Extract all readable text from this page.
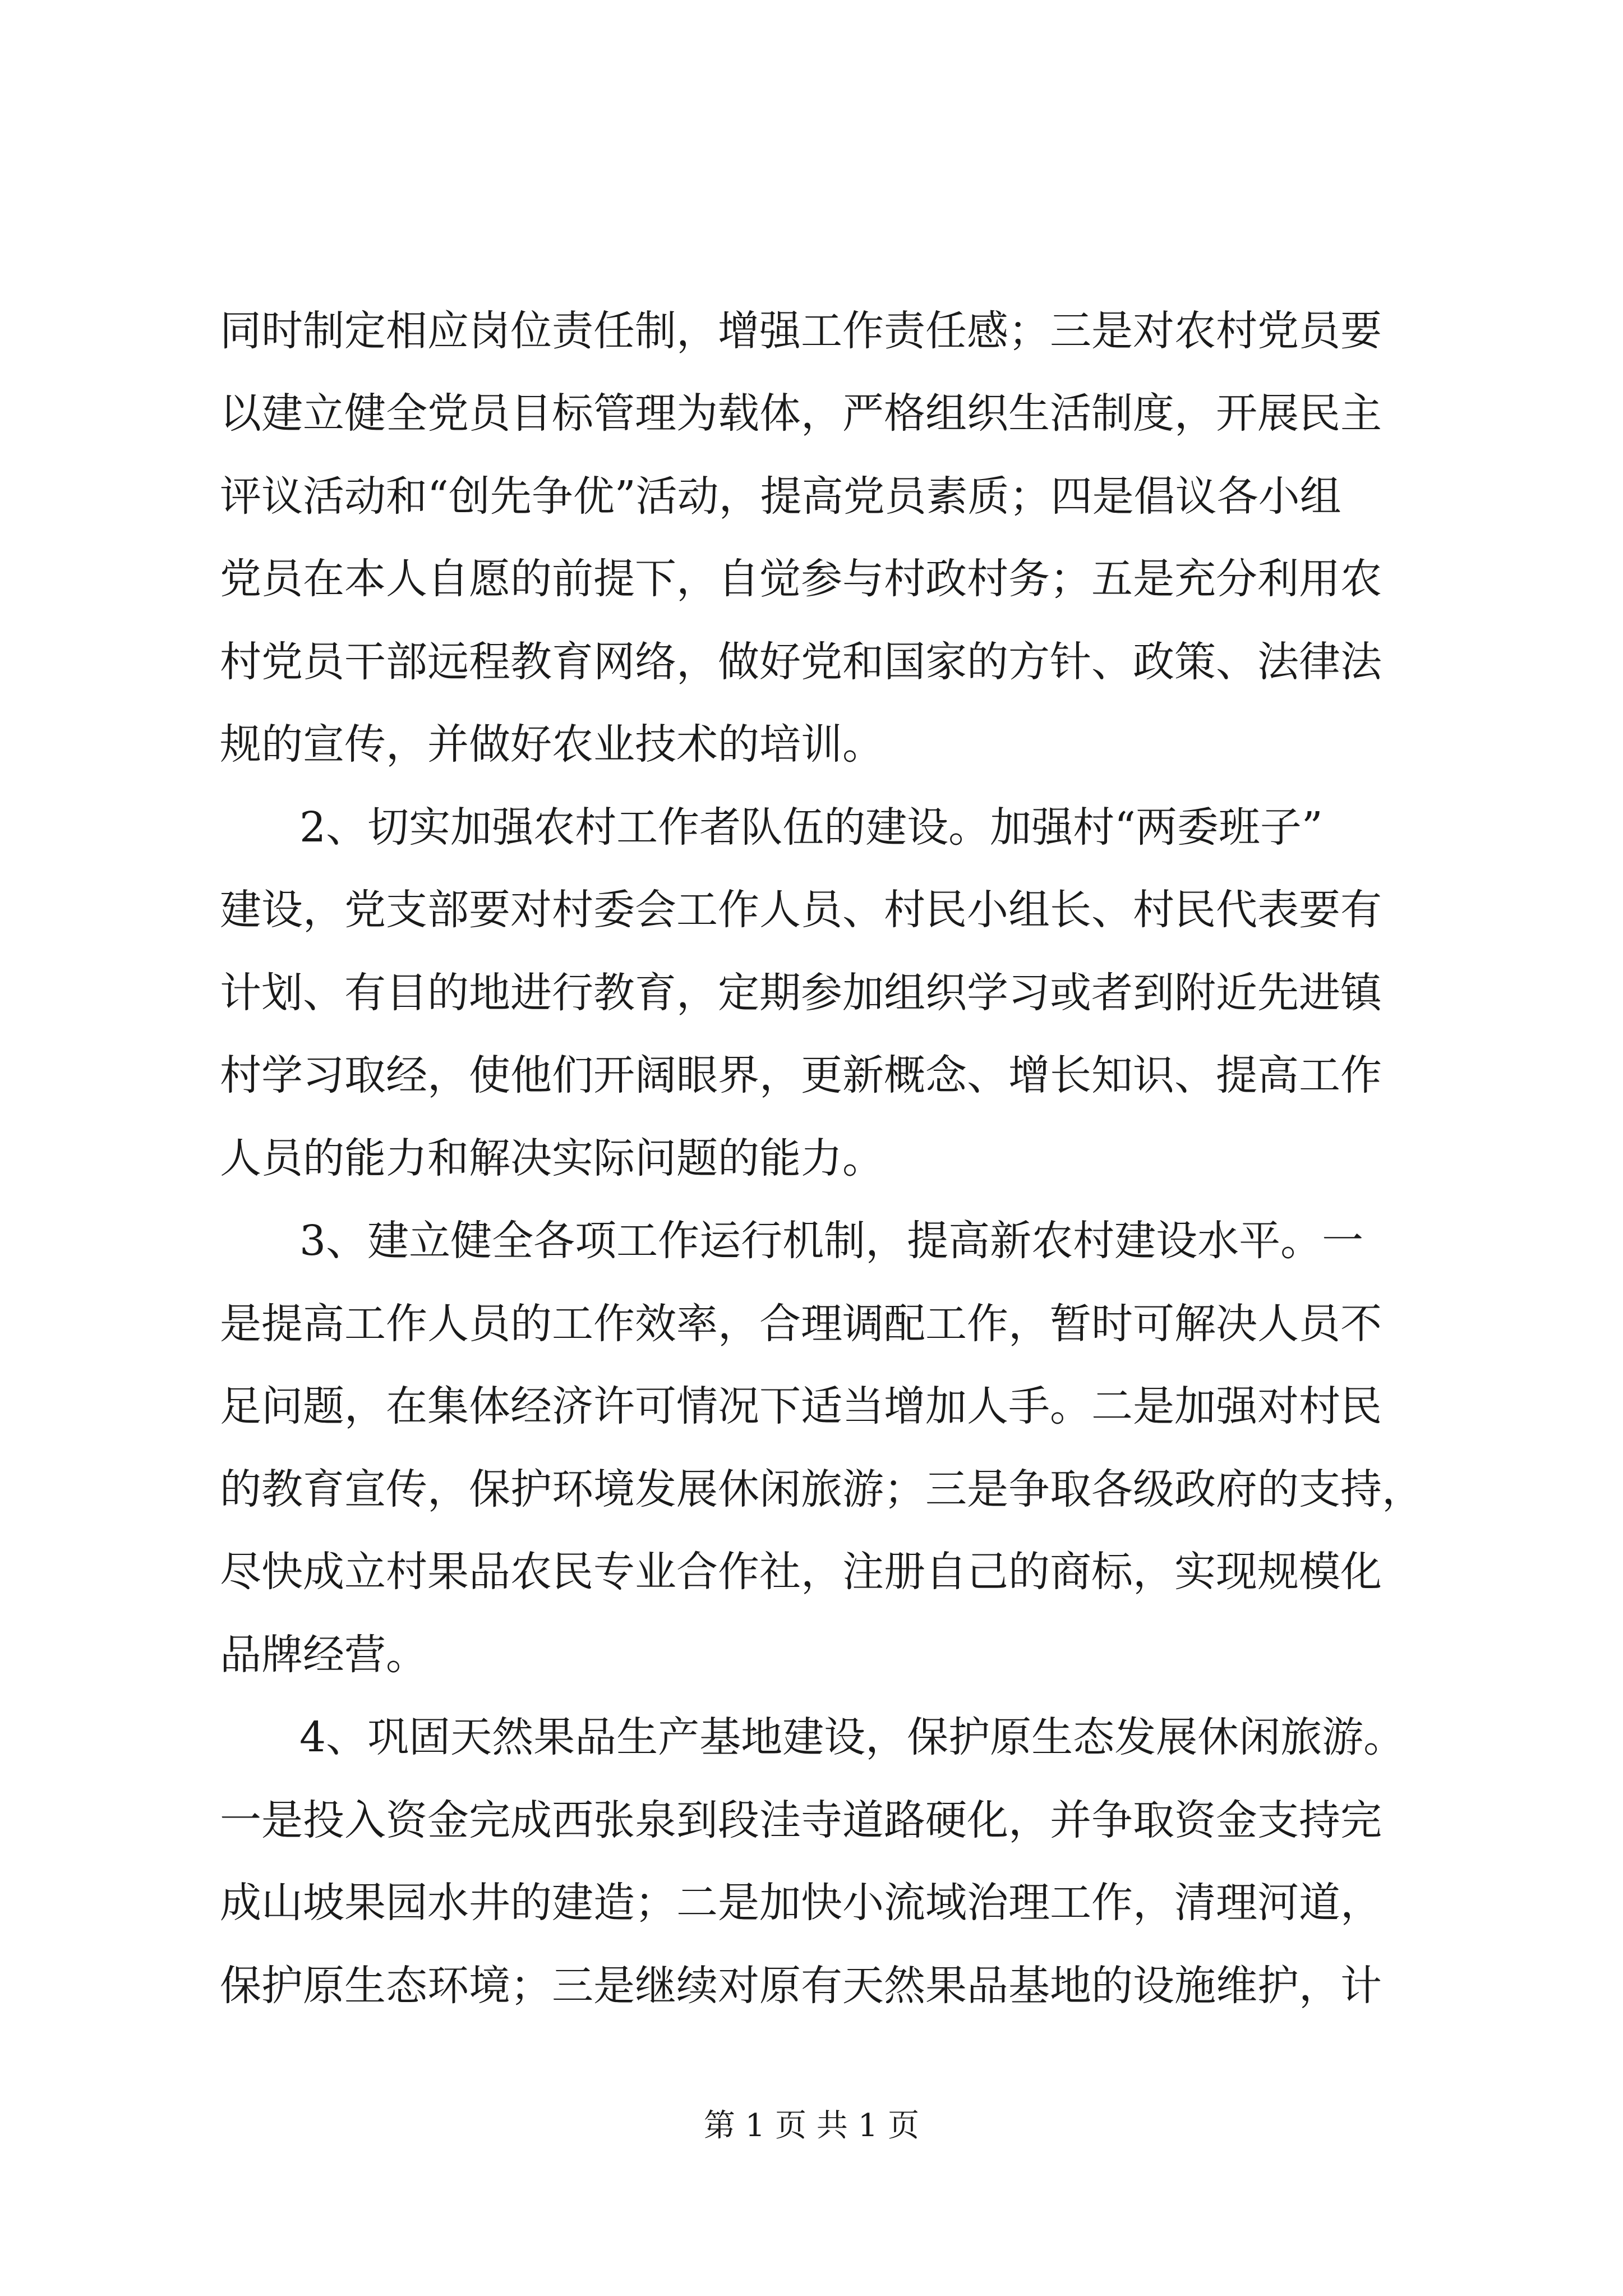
同时制定相应岗位责任制，增强工作责任感；三是对农村党员要
以建立健全党员目标管理为载体，严格组织生活制度，开展民主
评议活动和“创先争优”活动，提高党员素质；四是倡议各小组
党员在本人自愿的前提下，自觉参与村政村务；五是充分利用农
村党员干部远程教育网络，做好党和国家的方针、政策、法律法
规的宣传，并做好农业技术的培训。
2、切实加强农村工作者队伍的建设。加强村“两委班子”
建设，党支部要对村委会工作人员、村民小组长、村民代表要有
计划、有目的地进行教育，定期参加组织学习或者到附近先进镇
村学习取经，使他们开阔眼界，更新概念、增长知识、提高工作
人员的能力和解决实际问题的能力。
3、建立健全各项工作运行机制，提高新农村建设水平。一
是提高工作人员的工作效率，合理调配工作，暂时可解决人员不
足问题，在集体经济许可情况下适当增加人手。二是加强对村民
的教育宣传，保护环境发展休闲旅游；三是争取各级政府的支持，
尽快成立村果品农民专业合作社，注册自己的商标，实现规模化
品牌经营。
4、巩固天然果品生产基地建设，保护原生态发展休闲旅游。
一是投入资金完成西张泉到段洼寺道路硬化，并争取资金支持完
成山坡果园水井的建造；二是加快小流域治理工作，清理河道，
保护原生态环境；三是继续对原有天然果品基地的设施维护，计
第 1 页 共 1 页
